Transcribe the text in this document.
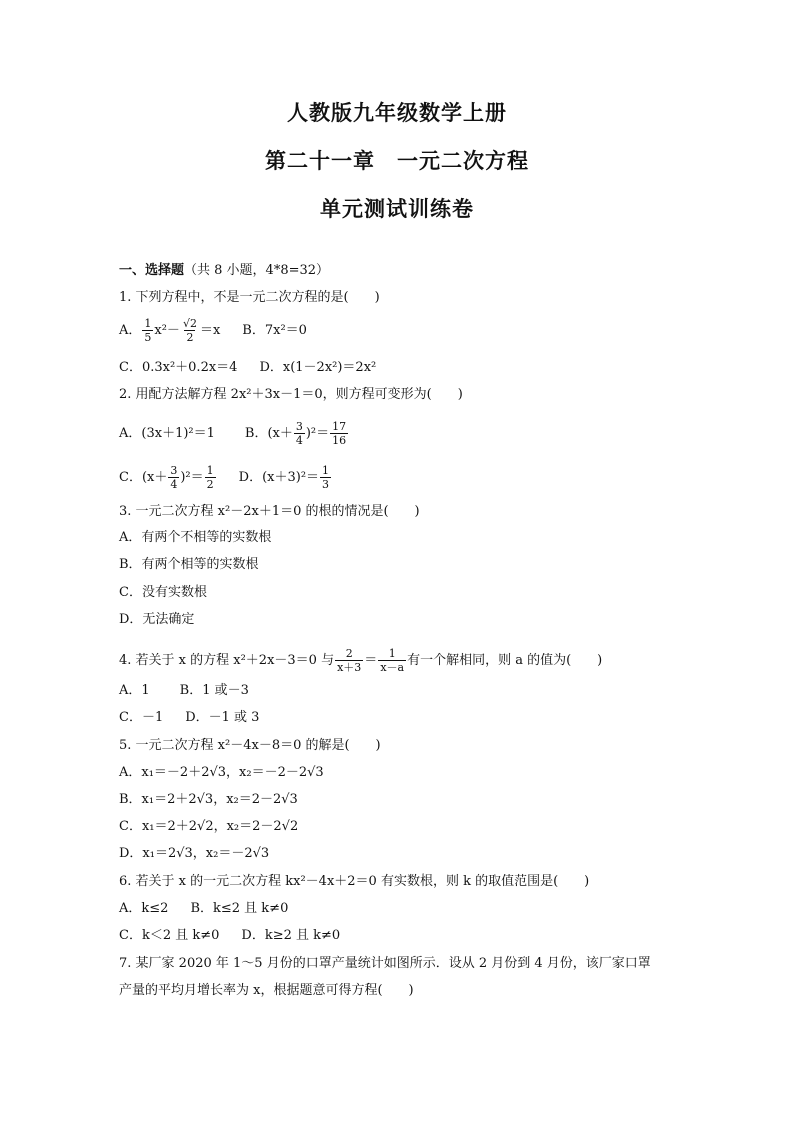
人教版九年级数学上册
第二十一章　一元二次方程
单元测试训练卷
一、选择题（共 8 小题，4*8=32）
1. 下列方程中，不是一元二次方程的是(　　)
A． $\frac{1}{5} x^2- \frac{√2}{2} =x$ B．7x²＝0
C．0.3x²＋0.2x＝4 D．x(1－2x²)＝2x²
2. 用配方法解方程 2x²＋3x－1＝0，则方程可变形为(　　)
A．(3x＋1)²＝1 B．$(x+ \frac{3}{4} )^2= \frac{17}{16}$
C．$(x+ \frac{3}{4} )^2= \frac{1}{2}$ D．$(x+3)^2= \frac{1}{3}$
3. 一元二次方程 x²－2x＋1＝0 的根的情况是(　　)
A．有两个不相等的实数根
B．有两个相等的实数根
C．没有实数根
D．无法确定
4. 若关于 x 的方程 x²＋2x－3＝0 与 $\frac{2}{x+3} = \frac{1}{x-a}$ 有一个解相同，则 a 的值为(　　)
A．1 B．1 或－3
C．－1 D．－1 或 3
5. 一元二次方程 x²－4x－8＝0 的解是(　　)
A．x₁＝－2＋2√3，x₂＝－2－2√3
B．x₁＝2＋2√3，x₂＝2－2√3
C．x₁＝2＋2√2，x₂＝2－2√2
D．x₁＝2√3，x₂＝－2√3
6. 若关于 x 的一元二次方程 kx²－4x＋2＝0 有实数根，则 k 的取值范围是(　　)
A．k≤2 B．k≤2 且 k≠0
C．k＜2 且 k≠0 D．k≥2 且 k≠0
7. 某厂家 2020 年 1～5 月份的口罩产量统计如图所示．设从 2 月份到 4 月份，该厂家口罩
产量的平均月增长率为 x，根据题意可得方程(　　)
